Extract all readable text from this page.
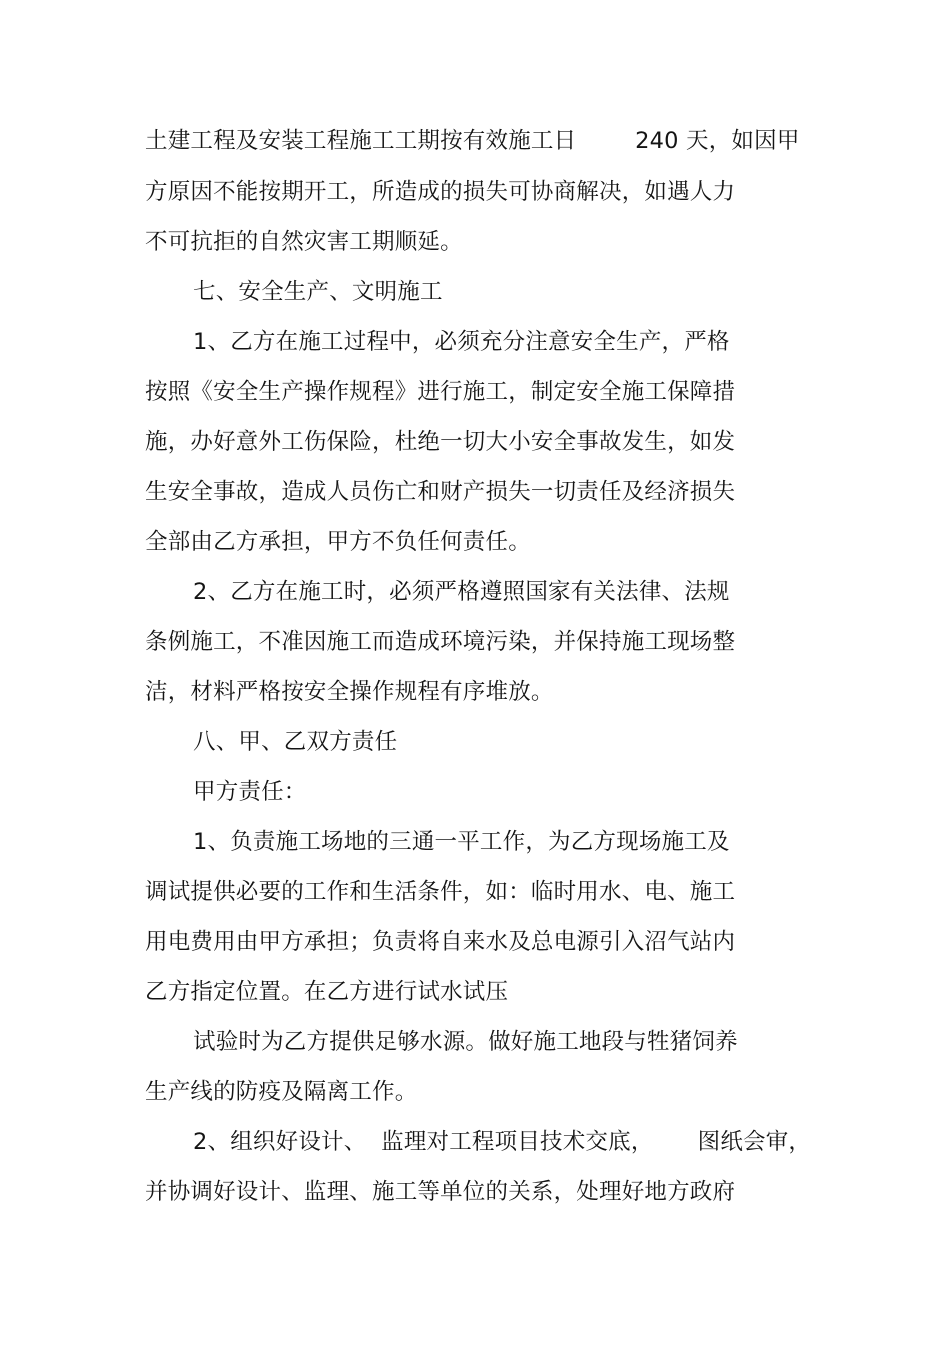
土建工程及安装工程施工工期按有效施工日        240 天，如因甲
方原因不能按期开工，所造成的损失可协商解决，如遇人力
不可抗拒的自然灾害工期顺延。
七、安全生产、文明施工
1、乙方在施工过程中，必须充分注意安全生产，严格
按照《安全生产操作规程》进行施工，制定安全施工保障措
施，办好意外工伤保险，杜绝一切大小安全事故发生，如发
生安全事故，造成人员伤亡和财产损失一切责任及经济损失
全部由乙方承担，甲方不负任何责任。
2、乙方在施工时，必须严格遵照国家有关法律、法规
条例施工，不准因施工而造成环境污染，并保持施工现场整
洁，材料严格按安全操作规程有序堆放。
八、甲、乙双方责任
甲方责任：
1、负责施工场地的三通一平工作，为乙方现场施工及
调试提供必要的工作和生活条件，如：临时用水、电、施工
用电费用由甲方承担；负责将自来水及总电源引入沼气站内
乙方指定位置。在乙方进行试水试压
试验时为乙方提供足够水源。做好施工地段与牲猪饲养
生产线的防疫及隔离工作。
2、组织好设计、  监理对工程项目技术交底，      图纸会审，
并协调好设计、监理、施工等单位的关系，处理好地方政府
